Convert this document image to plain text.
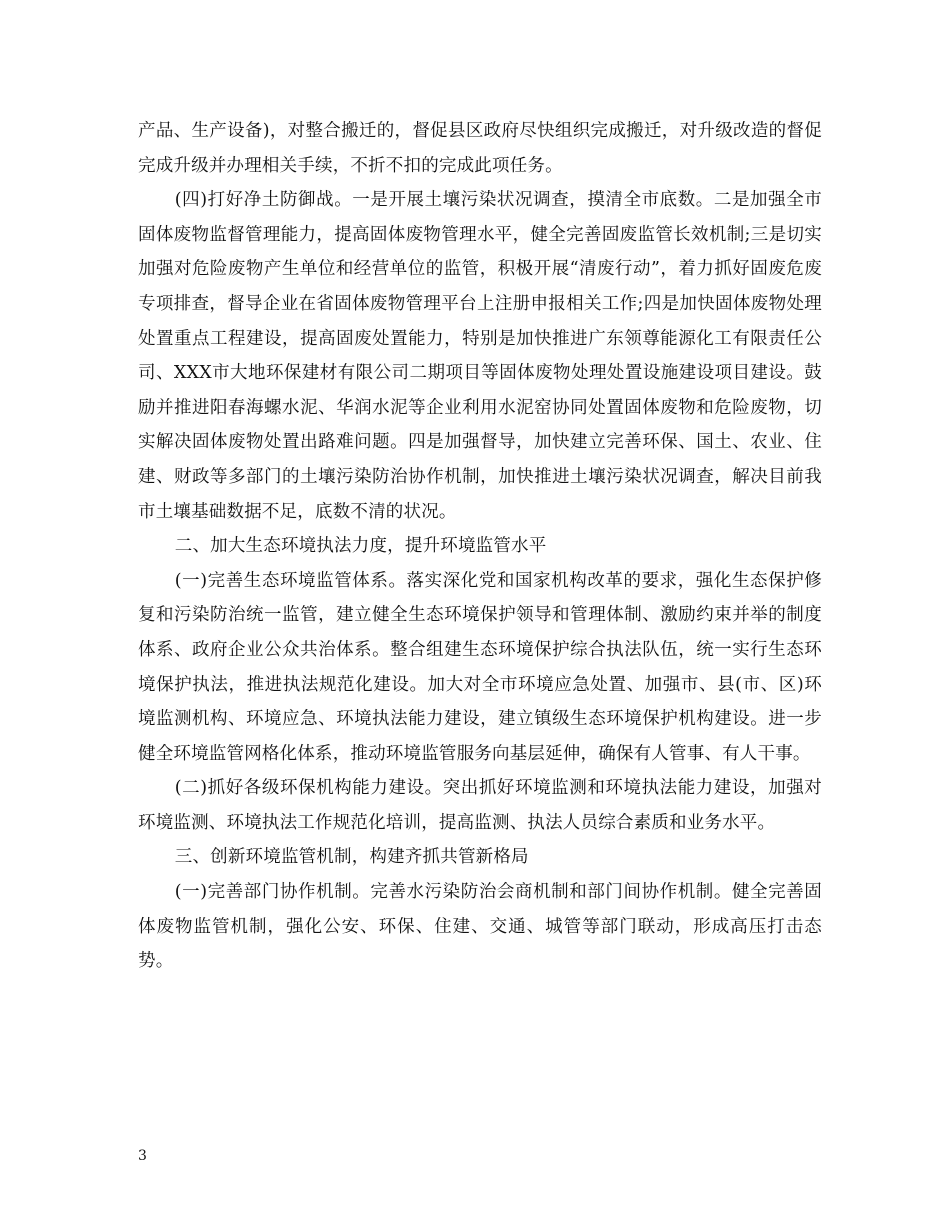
产品、生产设备)，对整合搬迁的，督促县区政府尽快组织完成搬迁，对升级改造的督促完成升级并办理相关手续，不折不扣的完成此项任务。

(四)打好净土防御战。一是开展土壤污染状况调查，摸清全市底数。二是加强全市固体废物监督管理能力，提高固体废物管理水平，健全完善固废监管长效机制;三是切实加强对危险废物产生单位和经营单位的监管，积极开展“清废行动”，着力抓好固废危废专项排查，督导企业在省固体废物管理平台上注册申报相关工作;四是加快固体废物处理处置重点工程建设，提高固废处置能力，特别是加快推进广东领尊能源化工有限责任公司、XXX市大地环保建材有限公司二期项目等固体废物处理处置设施建设项目建设。鼓励并推进阳春海螺水泥、华润水泥等企业利用水泥窑协同处置固体废物和危险废物，切实解决固体废物处置出路难问题。四是加强督导，加快建立完善环保、国土、农业、住建、财政等多部门的土壤污染防治协作机制，加快推进土壤污染状况调查，解决目前我市土壤基础数据不足，底数不清的状况。

二、加大生态环境执法力度，提升环境监管水平

(一)完善生态环境监管体系。落实深化党和国家机构改革的要求，强化生态保护修复和污染防治统一监管，建立健全生态环境保护领导和管理体制、激励约束并举的制度体系、政府企业公众共治体系。整合组建生态环境保护综合执法队伍，统一实行生态环境保护执法，推进执法规范化建设。加大对全市环境应急处置、加强市、县(市、区)环境监测机构、环境应急、环境执法能力建设，建立镇级生态环境保护机构建设。进一步健全环境监管网格化体系，推动环境监管服务向基层延伸，确保有人管事、有人干事。

(二)抓好各级环保机构能力建设。突出抓好环境监测和环境执法能力建设，加强对环境监测、环境执法工作规范化培训，提高监测、执法人员综合素质和业务水平。

三、创新环境监管机制，构建齐抓共管新格局

(一)完善部门协作机制。完善水污染防治会商机制和部门间协作机制。健全完善固体废物监管机制，强化公安、环保、住建、交通、城管等部门联动，形成高压打击态势。

3
